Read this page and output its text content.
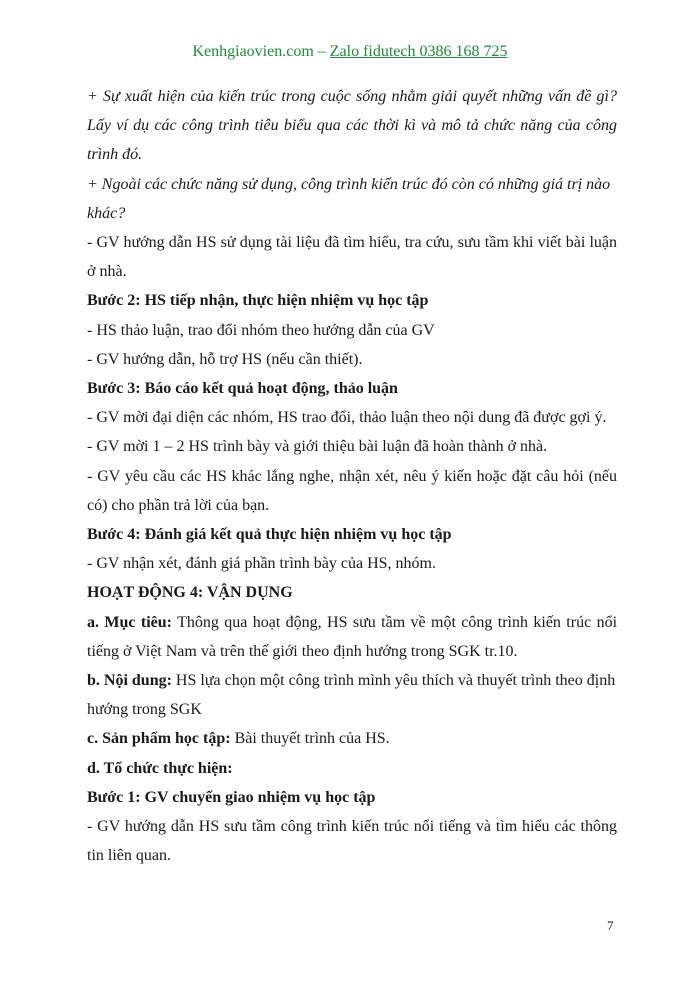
Kenhgiaovien.com – Zalo fidutech 0386 168 725

+ Sự xuất hiện của kiến trúc trong cuộc sống nhằm giải quyết những vấn đề gì? Lấy ví dụ các công trình tiêu biểu qua các thời kì và mô tả chức năng của công trình đó.

+ Ngoài các chức năng sử dụng, công trình kiến trúc đó còn có những giá trị nào khác?

- GV hướng dẫn HS sử dụng tài liệu đã tìm hiểu, tra cứu, sưu tầm khi viết bài luận ở nhà.

Bước 2: HS tiếp nhận, thực hiện nhiệm vụ học tập

- HS thảo luận, trao đổi nhóm theo hướng dẫn của GV

- GV hướng dẫn, hỗ trợ HS (nếu cần thiết).

Bước 3: Báo cáo kết quả hoạt động, thảo luận

- GV mời đại diện các nhóm, HS trao đổi, thảo luận theo nội dung đã được gợi ý.

- GV mời 1 – 2 HS trình bày và giới thiệu bài luận đã hoàn thành ở nhà.

- GV yêu cầu các HS khác lắng nghe, nhận xét, nêu ý kiến hoặc đặt câu hỏi (nếu có) cho phần trả lời của bạn.

Bước 4: Đánh giá kết quả thực hiện nhiệm vụ học tập

- GV nhận xét, đánh giá phần trình bày của HS, nhóm.

HOẠT ĐỘNG 4: VẬN DỤNG

a. Mục tiêu: Thông qua hoạt động, HS sưu tầm về một công trình kiến trúc nổi tiếng ở Việt Nam và trên thế giới theo định hướng trong SGK tr.10.

b. Nội dung: HS lựa chọn một công trình mình yêu thích và thuyết trình theo định hướng trong SGK

c. Sản phẩm học tập: Bài thuyết trình của HS.

d. Tổ chức thực hiện:

Bước 1: GV chuyển giao nhiệm vụ học tập

- GV hướng dẫn HS sưu tầm công trình kiến trúc nổi tiếng và tìm hiểu các thông tin liên quan.

7
